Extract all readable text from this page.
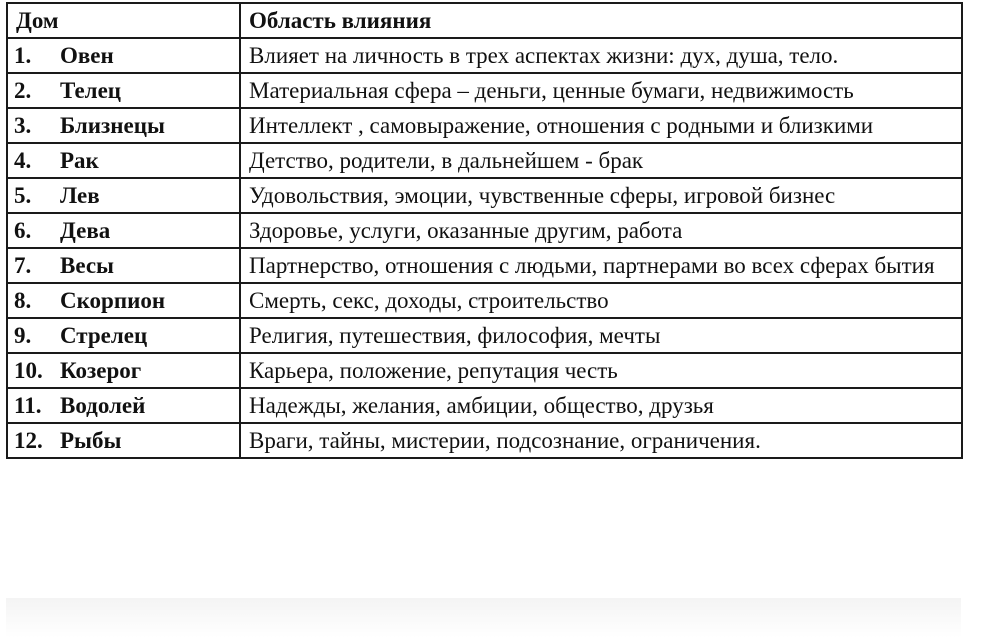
Дом	Область влияния
1. Овен	Влияет на личность в трех аспектах жизни: дух, душа, тело.
2. Телец	Материальная сфера – деньги, ценные бумаги, недвижимость
3. Близнецы	Интеллект , самовыражение, отношения с родными и близкими
4. Рак	Детство, родители, в дальнейшем - брак
5. Лев	Удовольствия, эмоции, чувственные сферы, игровой бизнес
6. Дева	Здоровье, услуги, оказанные другим, работа
7. Весы	Партнерство, отношения с людьми, партнерами во всех сферах бытия
8. Скорпион	Смерть, секс, доходы, строительство
9. Стрелец	Религия, путешествия, философия, мечты
10. Козерог	Карьера, положение, репутация честь
11. Водолей	Надежды, желания, амбиции, общество, друзья
12. Рыбы	Враги, тайны, мистерии, подсознание, ограничения.
